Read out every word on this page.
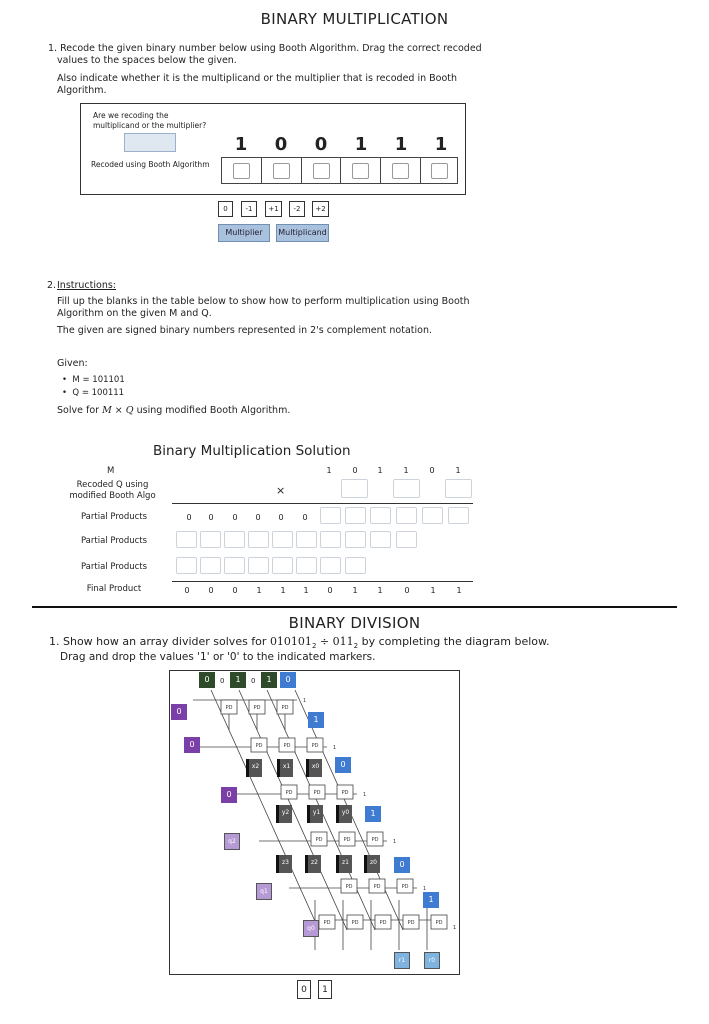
BINARY MULTIPLICATION
1. Recode the given binary number below using Booth Algorithm. Drag the correct recoded
values to the spaces below the given.
Also indicate whether it is the multiplicand or the multiplier that is recoded in Booth
Algorithm.
Are we recoding the
multiplicand or the multiplier?
Recoded using Booth Algorithm
1	0	0	1	1	1
0	-1	+1	-2	+2
Multiplier	Multiplicand
2. Instructions:
Fill up the blanks in the table below to show how to perform multiplication using Booth
Algorithm on the given M and Q.
The given are signed binary numbers represented in 2's complement notation.
Given:
•  M = 101101
•  Q = 100111
Solve for M × Q using modified Booth Algorithm.
Binary Multiplication Solution
M
Recoded Q using
modified Booth Algo
1	0	1	1	0	1
×
Partial Products	0	0	0	0	0	0
Partial Products
Partial Products
Final Product	0	0	0	1	1	1	0	1	1	0	1	1
BINARY DIVISION
1. Show how an array divider solves for $010101_2 \div 011_2$ by completing the diagram below.
Drag and drop the values '1' or '0' to the indicated markers.
PD	PD	PD
PD	PD	PD
PD	PD	PD
PD	PD	PD
PD	PD	PD
PD	PD	PD	PD	PD
1
1
1
1
1
1
0	0	1	0	1	0
0
0
0
1
0
1
0
1
x2	x1	x0
y2	y1	y0
z3	z2	z1	z0
q2
q1
q0
r1	r0
0	1
